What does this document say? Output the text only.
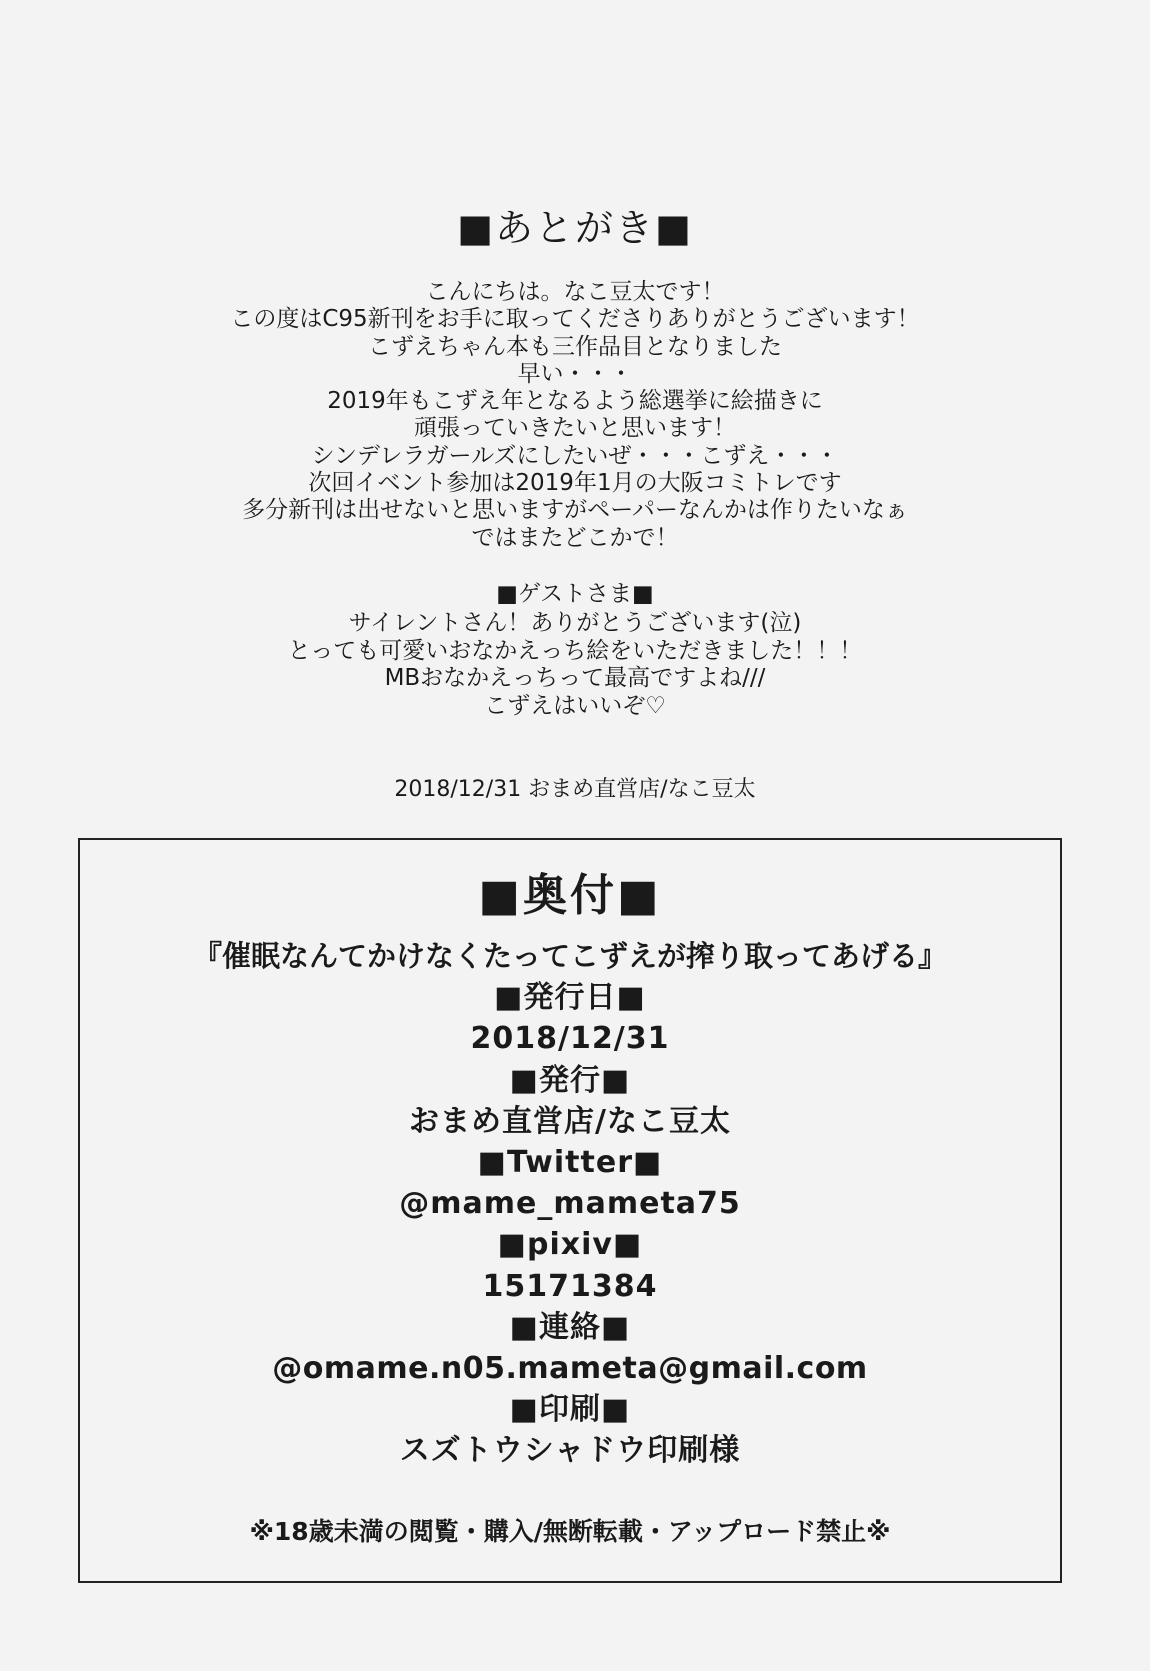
■あとがき■
こんにちは。なこ豆太です！
この度はC95新刊をお手に取ってくださりありがとうございます！
こずえちゃん本も三作品目となりました
早い・・・
2019年もこずえ年となるよう総選挙に絵描きに
頑張っていきたいと思います！
シンデレラガールズにしたいぜ・・・こずえ・・・
次回イベント参加は2019年1月の大阪コミトレです
多分新刊は出せないと思いますがペーパーなんかは作りたいなぁ
ではまたどこかで！
■ゲストさま■
サイレントさん！ありがとうございます(泣)
とっても可愛いおなかえっち絵をいただきました！！！
MBおなかえっちって最高ですよね///
こずえはいいぞ♡
2018/12/31 おまめ直営店/なこ豆太
■奥付■
『催眠なんてかけなくたってこずえが搾り取ってあげる』
■発行日■
2018/12/31
■発行■
おまめ直営店/なこ豆太
■Twitter■
@mame_mameta75
■pixiv■
15171384
■連絡■
@omame.n05.mameta@gmail.com
■印刷■
スズトウシャドウ印刷様
※18歳未満の閲覧・購入/無断転載・アップロード禁止※
